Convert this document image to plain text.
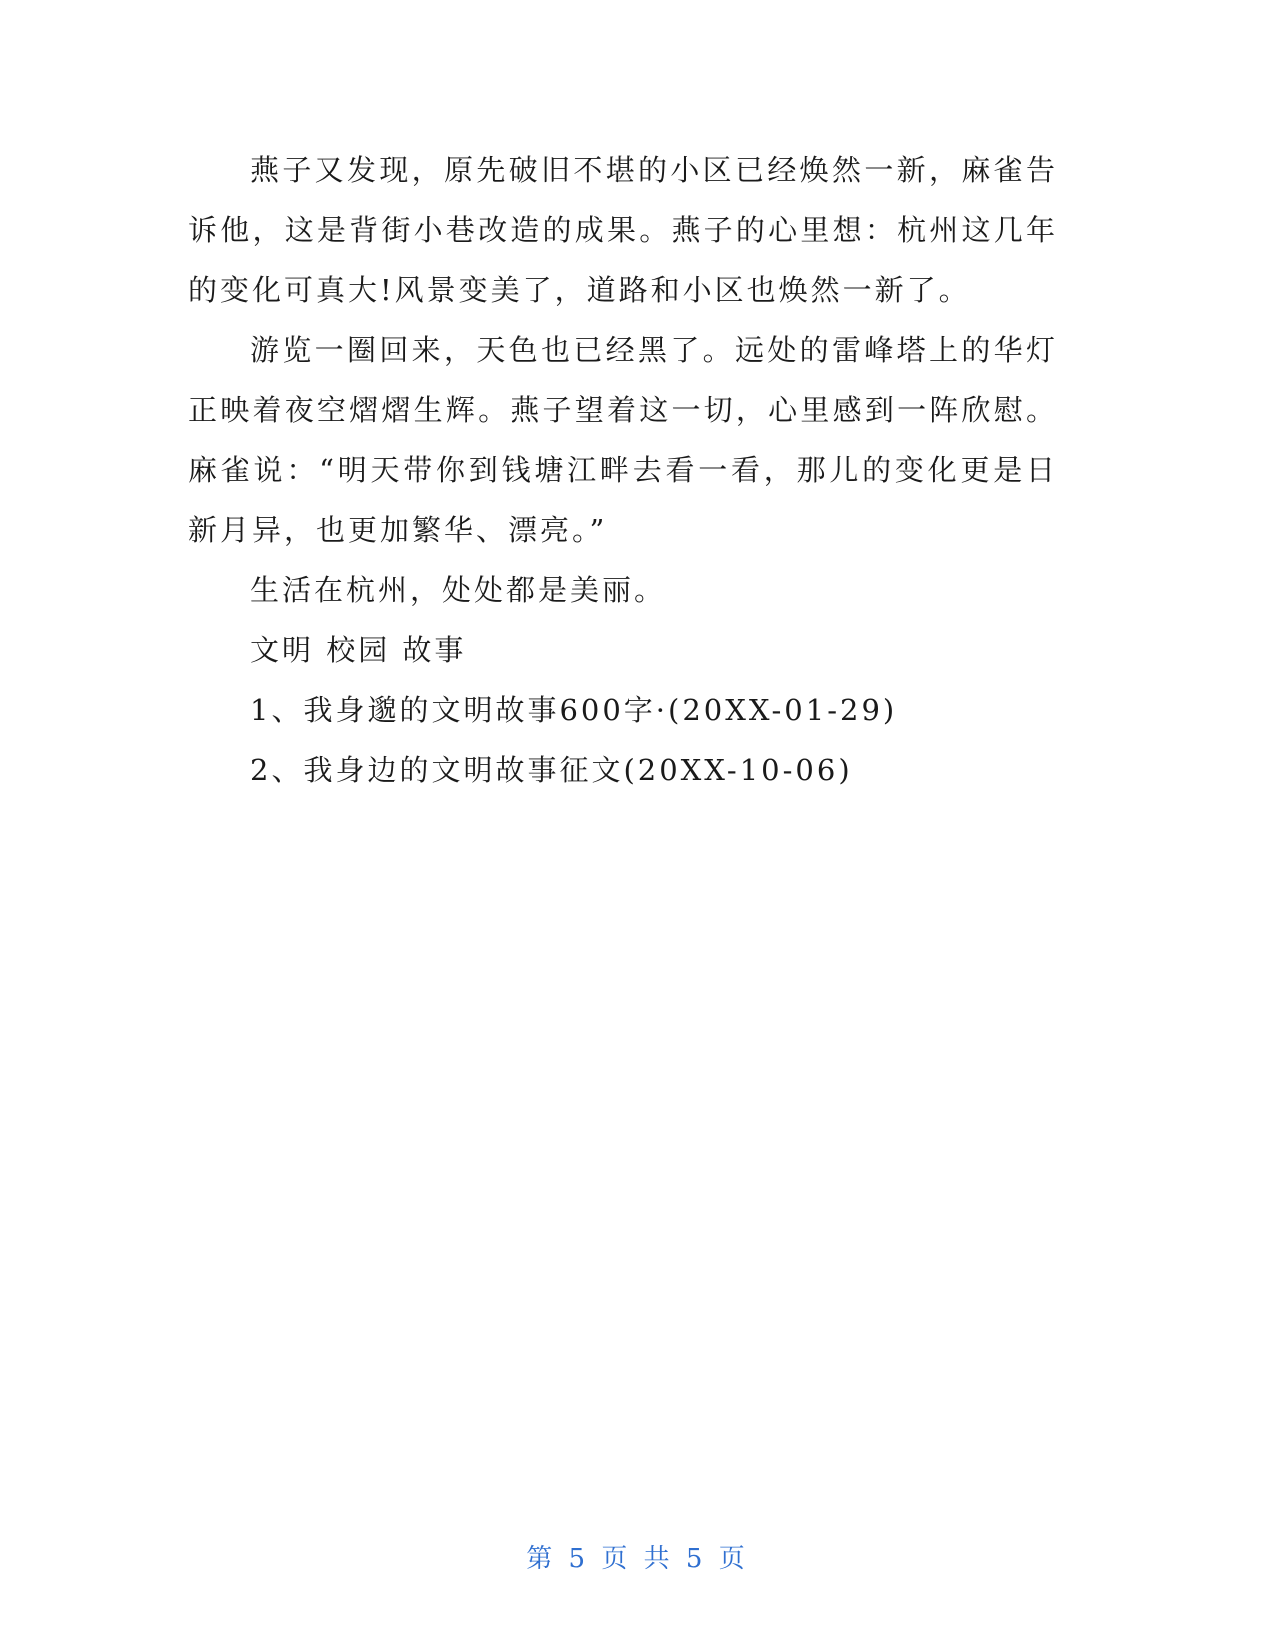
燕子又发现，原先破旧不堪的小区已经焕然一新，麻雀告诉他，这是背街小巷改造的成果。燕子的心里想：杭州这几年的变化可真大!风景变美了，道路和小区也焕然一新了。

游览一圈回来，天色也已经黑了。远处的雷峰塔上的华灯正映着夜空熠熠生辉。燕子望着这一切，心里感到一阵欣慰。麻雀说：“明天带你到钱塘江畔去看一看，那儿的变化更是日新月异，也更加繁华、漂亮。”

生活在杭州，处处都是美丽。

文明 校园 故事

1、我身邈的文明故事600字·(20XX-01-29)

2、我身边的文明故事征文(20XX-10-06)

第 5 页 共 5 页
